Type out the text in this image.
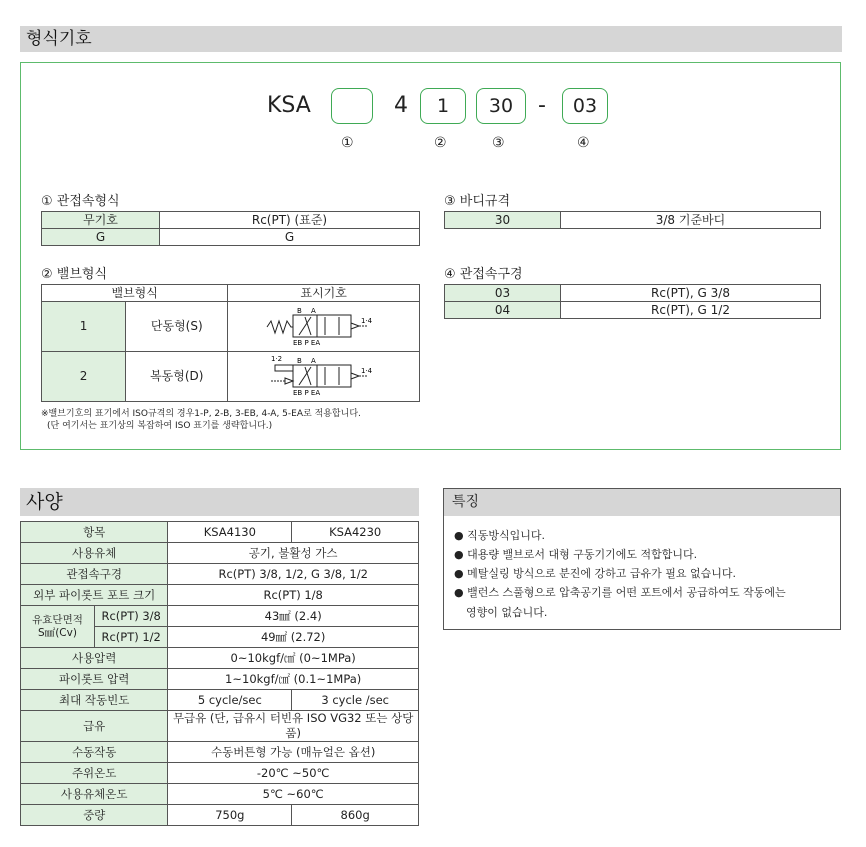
형식기호
KSA	4	1	30	-	03
①	②	③	④
① 관접속형식
무기호	Rc(PT) (표준)
G	G
③ 바디규격
30	3/8 기준바디
② 밸브형식
밸브형식		표시기호
1	단동형(S)	B A
EB P EA
1·4

2	복동형(D)	1·2 B A
EB P EA
1·4
④ 관접속구경
03	Rc(PT), G 3/8
04	Rc(PT), G 1/2
※밸브기호의 표기에서 ISO규격의 경우1-P, 2-B, 3-EB, 4-A, 5-EA로 적용합니다.
(단 여기서는 표기상의 복잡하여 ISO 표기를 생략합니다.)
사양
항목		KSA4130	KSA4230
사용유체		공기, 불활성 가스	
관접속구경		Rc(PT) 3/8, 1/2, G 3/8, 1/2	
외부 파이롯트 포트 크기		Rc(PT) 1/8	

유효단면적
S㎟(Cv)	Rc(PT) 3/8	43㎟ (2.4)	
	Rc(PT) 1/2	49㎟ (2.72)	
사용압력		0~10kgf/㎠ (0~1MPa)	
파이롯트 압력		1~10kgf/㎠ (0.1~1MPa)	
최대 작동빈도		5 cycle/sec	3 cycle /sec
급유		무급유 (단, 급유시 터빈유 ISO VG32 또는 상당품)	
수동작동		수동버튼형 가능 (매뉴얼은 옵션)	
주위온도		-20℃ ~50℃	
사용유체온도		5℃ ~60℃	
중량		750g	860g
특징
● 직동방식입니다.
● 대용량 밸브로서 대형 구동기기에도 적합합니다.
● 메탈실링 방식으로 분진에 강하고 급유가 필요 없습니다.
● 밸런스 스풀형으로 압축공기를 어떤 포트에서 공급하여도 작동에는
영향이 없습니다.
